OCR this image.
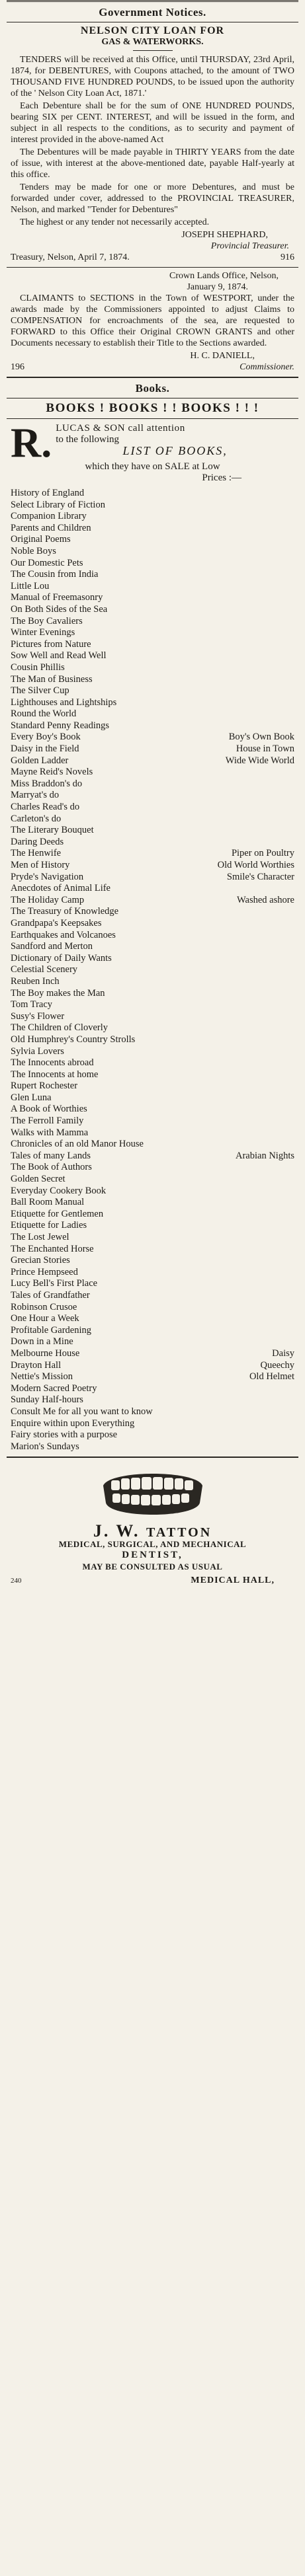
Government Notices.
NELSON CITY LOAN FOR
GAS & WATERWORKS.

TENDERS will be received at this Office, until THURSDAY, 23rd April, 1874, for DEBENTURES, with Coupons attached, to the amount of TWO THOUSAND FIVE HUNDRED POUNDS, to be issued upon the authority of the ' Nelson City Loan Act, 1871.'

Each Debenture shall be for the sum of ONE HUNDRED POUNDS, bearing SIX per CENT. INTEREST, and will be issued in the form, and subject in all respects to the conditions, as to security and payment of interest provided in the above-named Act

The Debentures will be made payable in THIRTY YEARS from the date of issue, with interest at the above-mentioned date, payable Half-yearly at this office.

Tenders may be made for one or more Debentures, and must be forwarded under cover, addressed to the PROVINCIAL TREASURER, Nelson, and marked "Tender for Debentures"

The highest or any tender not necessarily accepted.

JOSEPH SHEPHARD,
Provincial Treasurer.
Treasury, Nelson, April 7, 1874.	916
Crown Lands Office, Nelson,
January 9, 1874.

CLAIMANTS to SECTIONS in the Town of WESTPORT, under the awards made by the Commissioners appointed to adjust Claims to COMPENSATION for encroachments of the sea, are requested to FORWARD to this Office their Original CROWN GRANTS and other Documents necessary to establish their Title to the Sections awarded.

H. C. DANIELL,
196	Commissioner.
Books.
BOOKS ! BOOKS ! ! BOOKS ! ! !
R. LUCAS & SON call attention
to the following
LIST OF BOOKS,
which they have on SALE at Low
Prices :—
History of England
Select Library of Fiction
Companion Library
Parents and Children
Original Poems
Noble Boys
Our Domestic Pets
The Cousin from India
Little Lou
Manual of Freemasonry
On Both Sides of the Sea
The Boy Cavaliers
Winter Evenings
Pictures from Nature
Sow Well and Read Well
Cousin Phillis
The Man of Business
The Silver Cup
Lighthouses and Lightships
Round the World
Standard Penny Readings
Every Boy's Book	Boy's Own Book
Daisy in the Field	House in Town
Golden Ladder	Wide Wide World
Mayne Reid's Novels
Miss Braddon's do
Marryat's do
Charles Read's do
Carleton's do
The Literary Bouquet
Daring Deeds
The Henwife	Piper on Poultry
Men of History	Old World Worthies
Pryde's Navigation	Smile's Character
Anecdotes of Animal Life
The Holiday Camp	Washed ashore
The Treasury of Knowledge
Grandpapa's Keepsakes
Earthquakes and Volcanoes
Sandford and Merton
Dictionary of Daily Wants
Celestial Scenery
Reuben Inch
The Boy makes the Man
Tom Tracy
Susy's Flower
The Children of Cloverly
Old Humphrey's Country Strolls
Sylvia Lovers
The Innocents abroad
The Innocents at home
Rupert Rochester
Glen Luna
A Book of Worthies
The Ferroll Family
Walks with Mamma
Chronicles of an old Manor House
Tales of many Lands	Arabian Nights
The Book of Authors
Golden Secret
Everyday Cookery Book
Ball Room Manual
Etiquette for Gentlemen
Etiquette for Ladies
The Lost Jewel
The Enchanted Horse
Grecian Stories
Prince Hempseed
Lucy Bell's First Place
Tales of Grandfather
Robinson Crusoe
One Hour a Week
Profitable Gardening
Down in a Mine
Melbourne House	Daisy
Drayton Hall	Queechy
Nettie's Mission	Old Helmet
Modern Sacred Poetry
Sunday Half-hours
Consult Me for all you want to know
Enquire within upon Everything
Fairy stories with a purpose
Marion's Sundays
J. W. TATTON
MEDICAL, SURGICAL, AND MECHANICAL
DENTIST,
MAY BE CONSULTED AS USUAL
240	MEDICAL HALL,
